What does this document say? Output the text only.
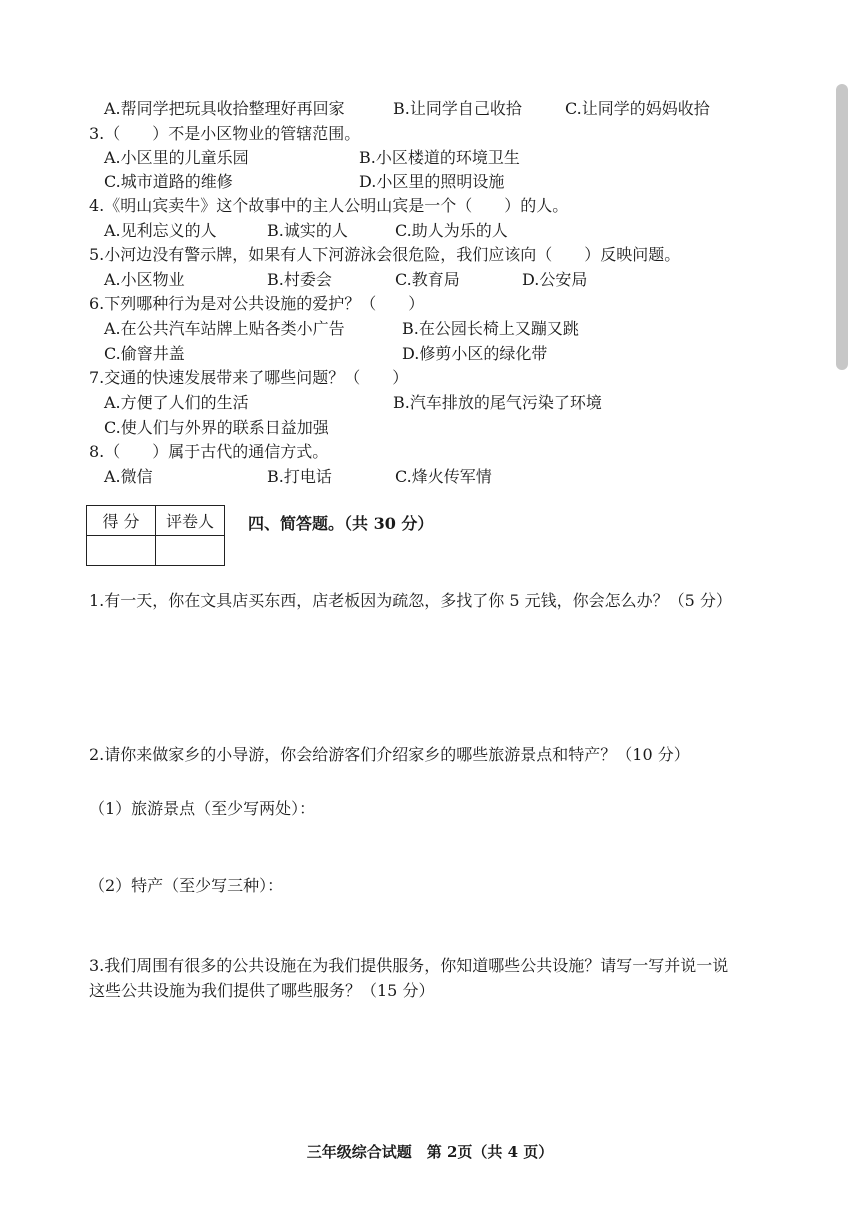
A.帮同学把玩具收拾整理好再回家	B.让同学自己收拾	C.让同学的妈妈收拾
3.（　　）不是小区物业的管辖范围。
A.小区里的儿童乐园	B.小区楼道的环境卫生
C.城市道路的维修	D.小区里的照明设施
4.《明山宾卖牛》这个故事中的主人公明山宾是一个（　　）的人。
A.见利忘义的人	B.诚实的人	C.助人为乐的人
5.小河边没有警示牌，如果有人下河游泳会很危险，我们应该向（　　）反映问题。
A.小区物业	B.村委会	C.教育局	D.公安局
6.下列哪种行为是对公共设施的爱护？（　　）
A.在公共汽车站牌上贴各类小广告	B.在公园长椅上又蹦又跳
C.偷窨井盖	D.修剪小区的绿化带
7.交通的快速发展带来了哪些问题？（　　）
A.方便了人们的生活	B.汽车排放的尾气污染了环境
C.使人们与外界的联系日益加强
8.（　　）属于古代的通信方式。
A.微信	B.打电话	C.烽火传军情
得 分	评卷人
	四、简答题。（共 30 分）
1.有一天，你在文具店买东西，店老板因为疏忽，多找了你 5 元钱，你会怎么办？（5 分）
2.请你来做家乡的小导游，你会给游客们介绍家乡的哪些旅游景点和特产？（10 分）
（1）旅游景点（至少写两处）：
（2）特产（至少写三种）：
3.我们周围有很多的公共设施在为我们提供服务，你知道哪些公共设施？请写一写并说一说
这些公共设施为我们提供了哪些服务？（15 分）
三年级综合试题　第 2页（共 4 页）
